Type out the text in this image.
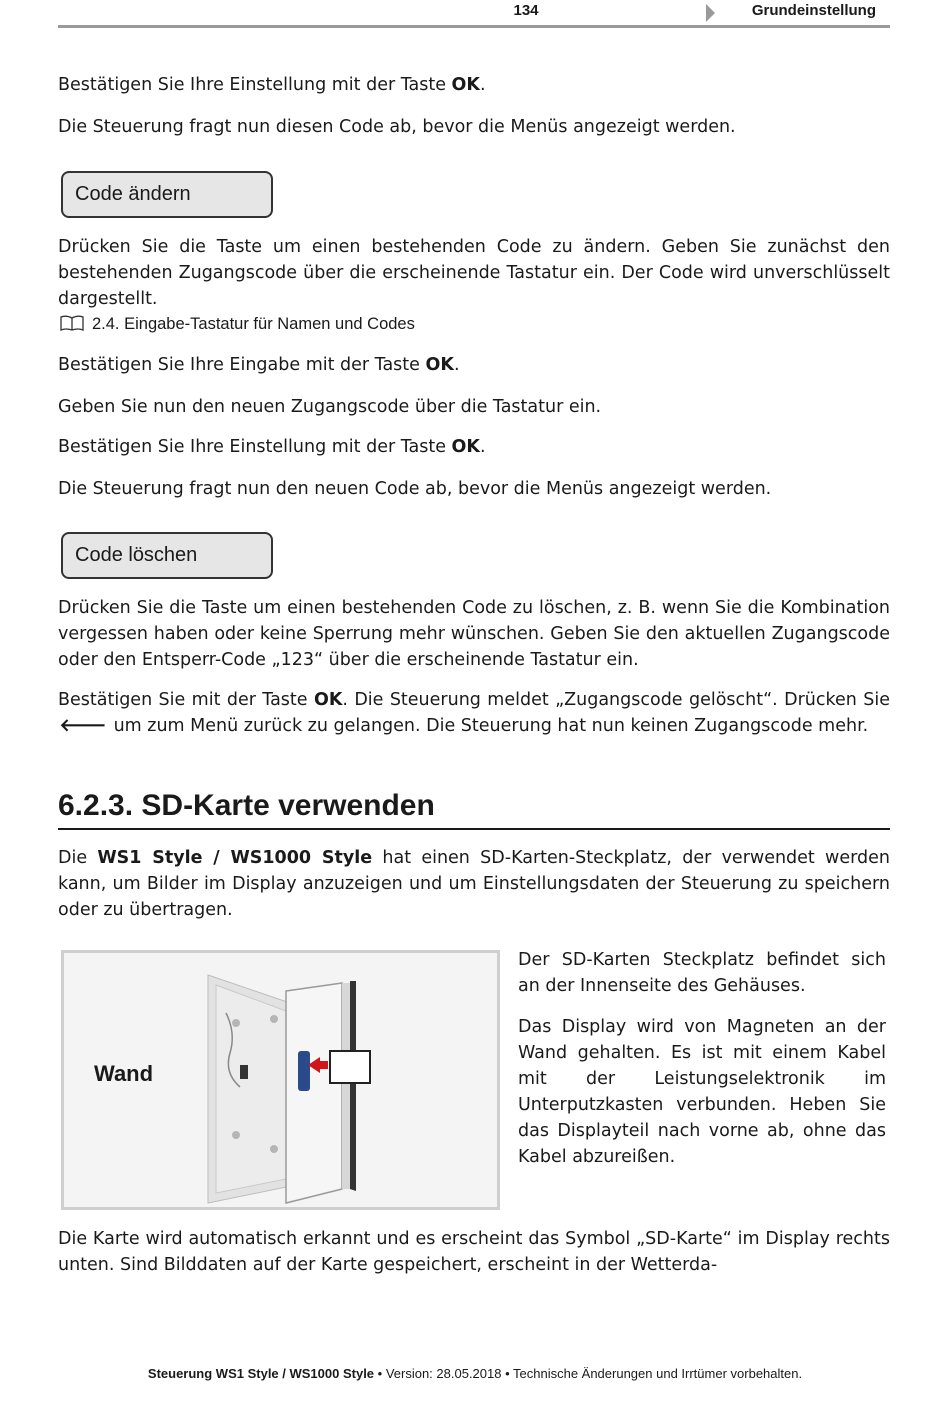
134	Grundeinstellung

Bestätigen Sie Ihre Einstellung mit der Taste OK.

Die Steuerung fragt nun diesen Code ab, bevor die Menüs angezeigt werden.

Code ändern

Drücken Sie die Taste um einen bestehenden Code zu ändern. Geben Sie zunächst den bestehenden Zugangscode über die erscheinende Tastatur ein. Der Code wird unverschlüsselt dargestellt.

2.4. Eingabe-Tastatur für Namen und Codes

Bestätigen Sie Ihre Eingabe mit der Taste OK.

Geben Sie nun den neuen Zugangscode über die Tastatur ein.

Bestätigen Sie Ihre Einstellung mit der Taste OK.

Die Steuerung fragt nun den neuen Code ab, bevor die Menüs angezeigt werden.

Code löschen

Drücken Sie die Taste um einen bestehenden Code zu löschen, z. B. wenn Sie die Kombination vergessen haben oder keine Sperrung mehr wünschen. Geben Sie den aktuellen Zugangscode oder den Entsperr-Code „123“ über die erscheinende Tastatur ein.

Bestätigen Sie mit der Taste OK. Die Steuerung meldet „Zugangscode gelöscht“. Drücken Sie 🡐 um zum Menü zurück zu gelangen. Die Steuerung hat nun keinen Zugangscode mehr.

6.2.3. SD-Karte verwenden

Die WS1 Style / WS1000 Style hat einen SD-Karten-Steckplatz, der verwendet werden kann, um Bilder im Display anzuzeigen und um Einstellungsdaten der Steuerung zu speichern oder zu übertragen.

Wand

Der SD-Karten Steckplatz befindet sich an der Innenseite des Gehäuses.

Das Display wird von Magneten an der Wand gehalten. Es ist mit einem Kabel mit der Leistungselektronik im Unterputzkasten verbunden. Heben Sie das Displayteil nach vorne ab, ohne das Kabel abzureißen.

Die Karte wird automatisch erkannt und es erscheint das Symbol „SD-Karte“ im Display rechts unten. Sind Bilddaten auf der Karte gespeichert, erscheint in der Wetterda-

Steuerung WS1 Style / WS1000 Style • Version: 28.05.2018 • Technische Änderungen und Irrtümer vorbehalten.
